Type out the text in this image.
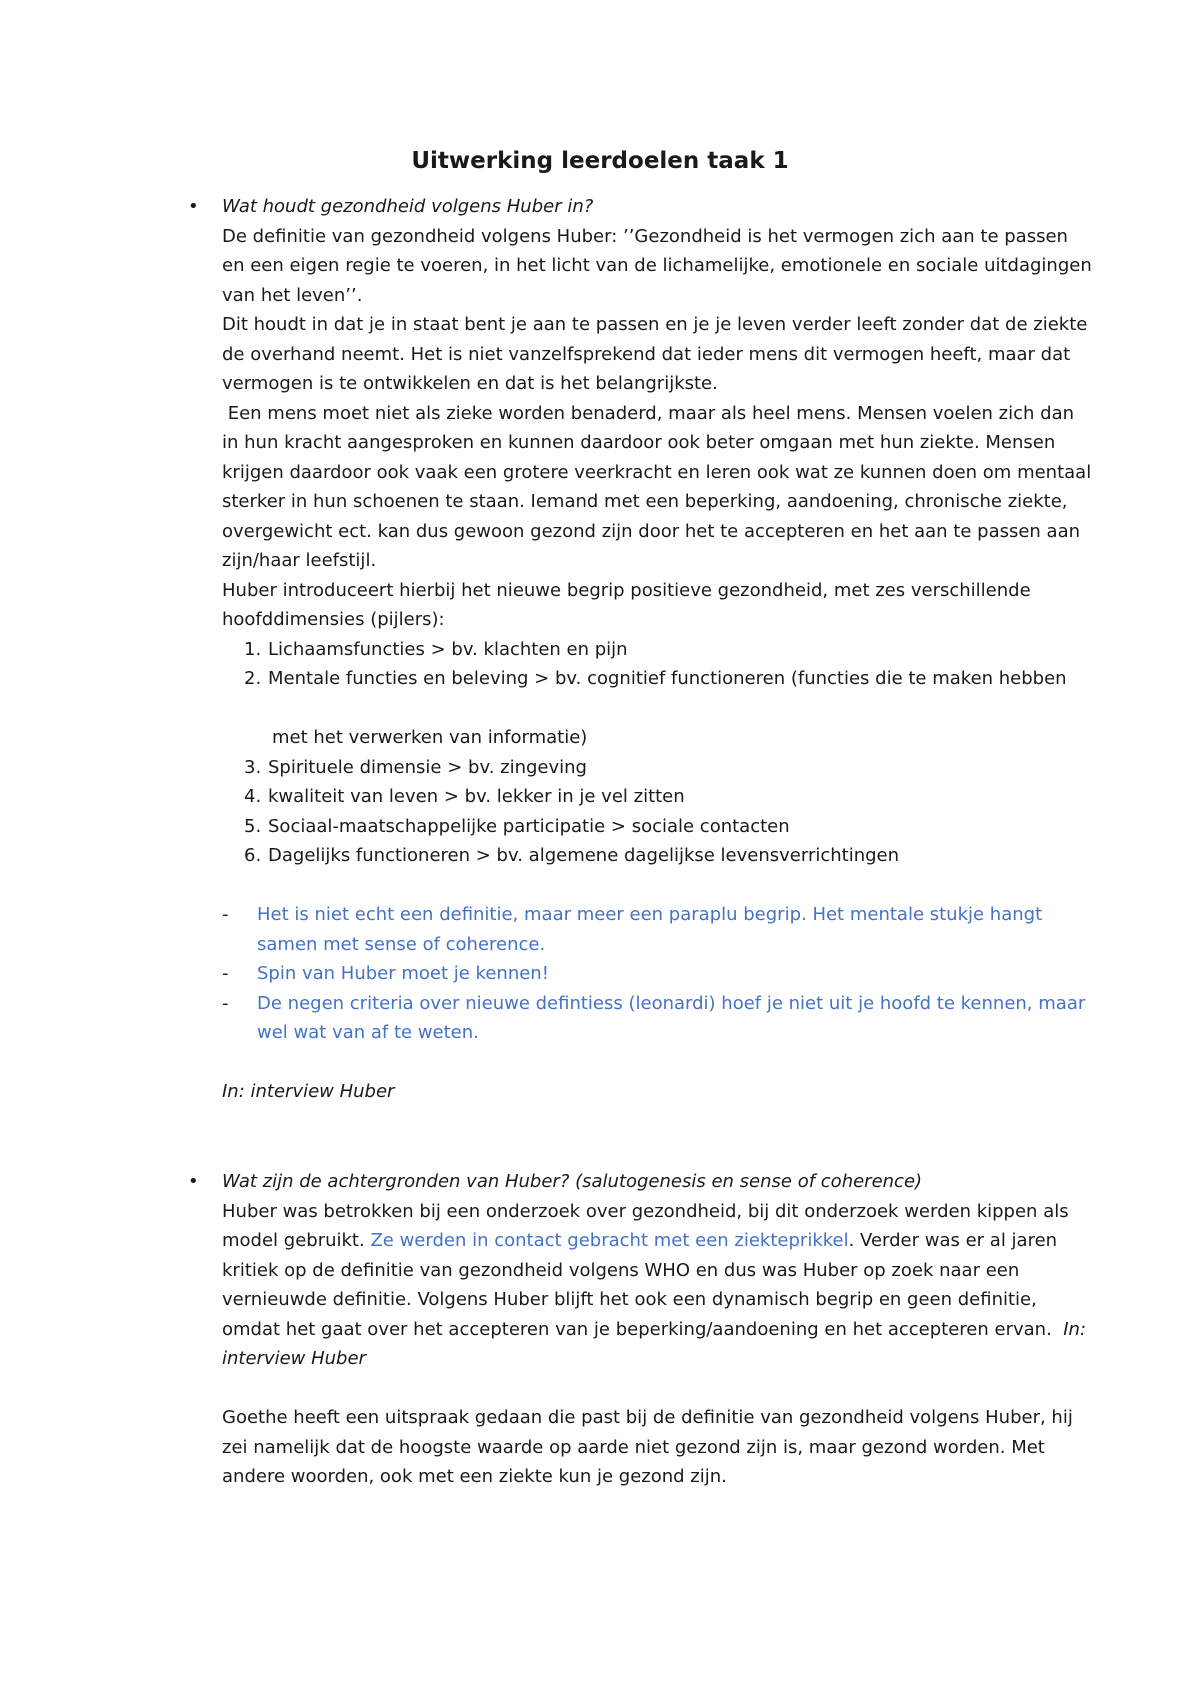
Uitwerking leerdoelen taak 1
• Wat houdt gezondheid volgens Huber in?

De definitie van gezondheid volgens Huber: ’’Gezondheid is het vermogen zich aan te passen en een eigen regie te voeren, in het licht van de lichamelijke, emotionele en sociale uitdagingen van het leven’’.

Dit houdt in dat je in staat bent je aan te passen en je je leven verder leeft zonder dat de ziekte de overhand neemt. Het is niet vanzelfsprekend dat ieder mens dit vermogen heeft, maar dat vermogen is te ontwikkelen en dat is het belangrijkste.

Een mens moet niet als zieke worden benaderd, maar als heel mens. Mensen voelen zich dan in hun kracht aangesproken en kunnen daardoor ook beter omgaan met hun ziekte. Mensen krijgen daardoor ook vaak een grotere veerkracht en leren ook wat ze kunnen doen om mentaal sterker in hun schoenen te staan. Iemand met een beperking, aandoening, chronische ziekte, overgewicht ect. kan dus gewoon gezond zijn door het te accepteren en het aan te passen aan zijn/haar leefstijl.

Huber introduceert hierbij het nieuwe begrip positieve gezondheid, met zes verschillende hoofddimensies (pijlers):

1. Lichaamsfuncties > bv. klachten en pijn
2. Mentale functies en beleving > bv. cognitief functioneren (functies die te maken hebben
met het verwerken van informatie)
3. Spirituele dimensie > bv. zingeving
4. kwaliteit van leven > bv. lekker in je vel zitten
5. Sociaal-maatschappelijke participatie > sociale contacten
6. Dagelijks functioneren > bv. algemene dagelijkse levensverrichtingen
- Het is niet echt een definitie, maar meer een paraplu begrip. Het mentale stukje hangt samen met sense of coherence.
- Spin van Huber moet je kennen!
- De negen criteria over nieuwe defintiess (leonardi) hoef je niet uit je hoofd te kennen, maar wel wat van af te weten.

In: interview Huber

• Wat zijn de achtergronden van Huber? (salutogenesis en sense of coherence)

Huber was betrokken bij een onderzoek over gezondheid, bij dit onderzoek werden kippen als model gebruikt. Ze werden in contact gebracht met een ziekteprikkel. Verder was er al jaren kritiek op de definitie van gezondheid volgens WHO en dus was Huber op zoek naar een vernieuwde definitie. Volgens Huber blijft het ook een dynamisch begrip en geen definitie, omdat het gaat over het accepteren van je beperking/aandoening en het accepteren ervan.  In: interview Huber

Goethe heeft een uitspraak gedaan die past bij de definitie van gezondheid volgens Huber, hij zei namelijk dat de hoogste waarde op aarde niet gezond zijn is, maar gezond worden. Met andere woorden, ook met een ziekte kun je gezond zijn.
